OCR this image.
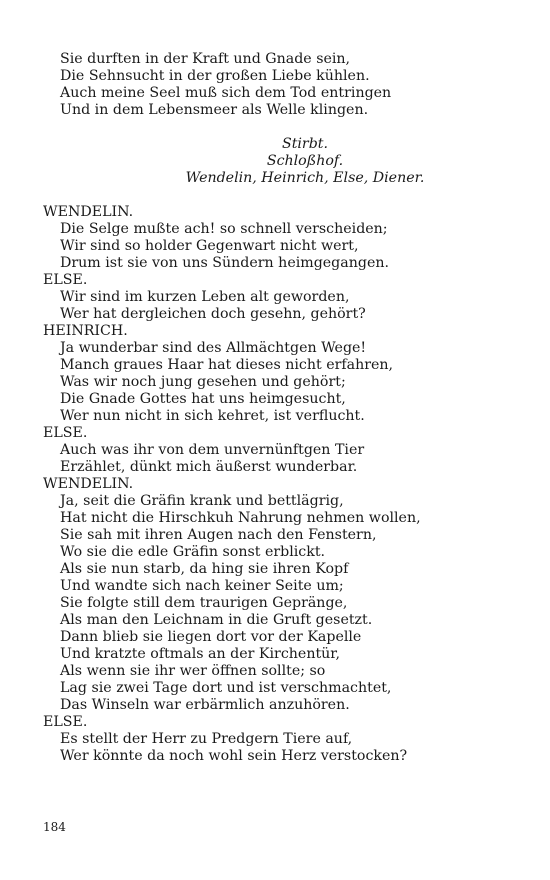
Sie durften in der Kraft und Gnade sein,
Die Sehnsucht in der großen Liebe kühlen.
Auch meine Seel muß sich dem Tod entringen
Und in dem Lebensmeer als Welle klingen.
Stirbt.
Schloßhof.
Wendelin, Heinrich, Else, Diener.
WENDELIN.
Die Selge mußte ach! so schnell verscheiden;
Wir sind so holder Gegenwart nicht wert,
Drum ist sie von uns Sündern heimgegangen.
ELSE.
Wir sind im kurzen Leben alt geworden,
Wer hat dergleichen doch gesehn, gehört?
HEINRICH.
Ja wunderbar sind des Allmächtgen Wege!
Manch graues Haar hat dieses nicht erfahren,
Was wir noch jung gesehen und gehört;
Die Gnade Gottes hat uns heimgesucht,
Wer nun nicht in sich kehret, ist verflucht.
ELSE.
Auch was ihr von dem unvernünftgen Tier
Erzählet, dünkt mich äußerst wunderbar.
WENDELIN.
Ja, seit die Gräfin krank und bettlägrig,
Hat nicht die Hirschkuh Nahrung nehmen wollen,
Sie sah mit ihren Augen nach den Fenstern,
Wo sie die edle Gräfin sonst erblickt.
Als sie nun starb, da hing sie ihren Kopf
Und wandte sich nach keiner Seite um;
Sie folgte still dem traurigen Gepränge,
Als man den Leichnam in die Gruft gesetzt.
Dann blieb sie liegen dort vor der Kapelle
Und kratzte oftmals an der Kirchentür,
Als wenn sie ihr wer öffnen sollte; so
Lag sie zwei Tage dort und ist verschmachtet,
Das Winseln war erbärmlich anzuhören.
ELSE.
Es stellt der Herr zu Predgern Tiere auf,
Wer könnte da noch wohl sein Herz verstocken?
184
